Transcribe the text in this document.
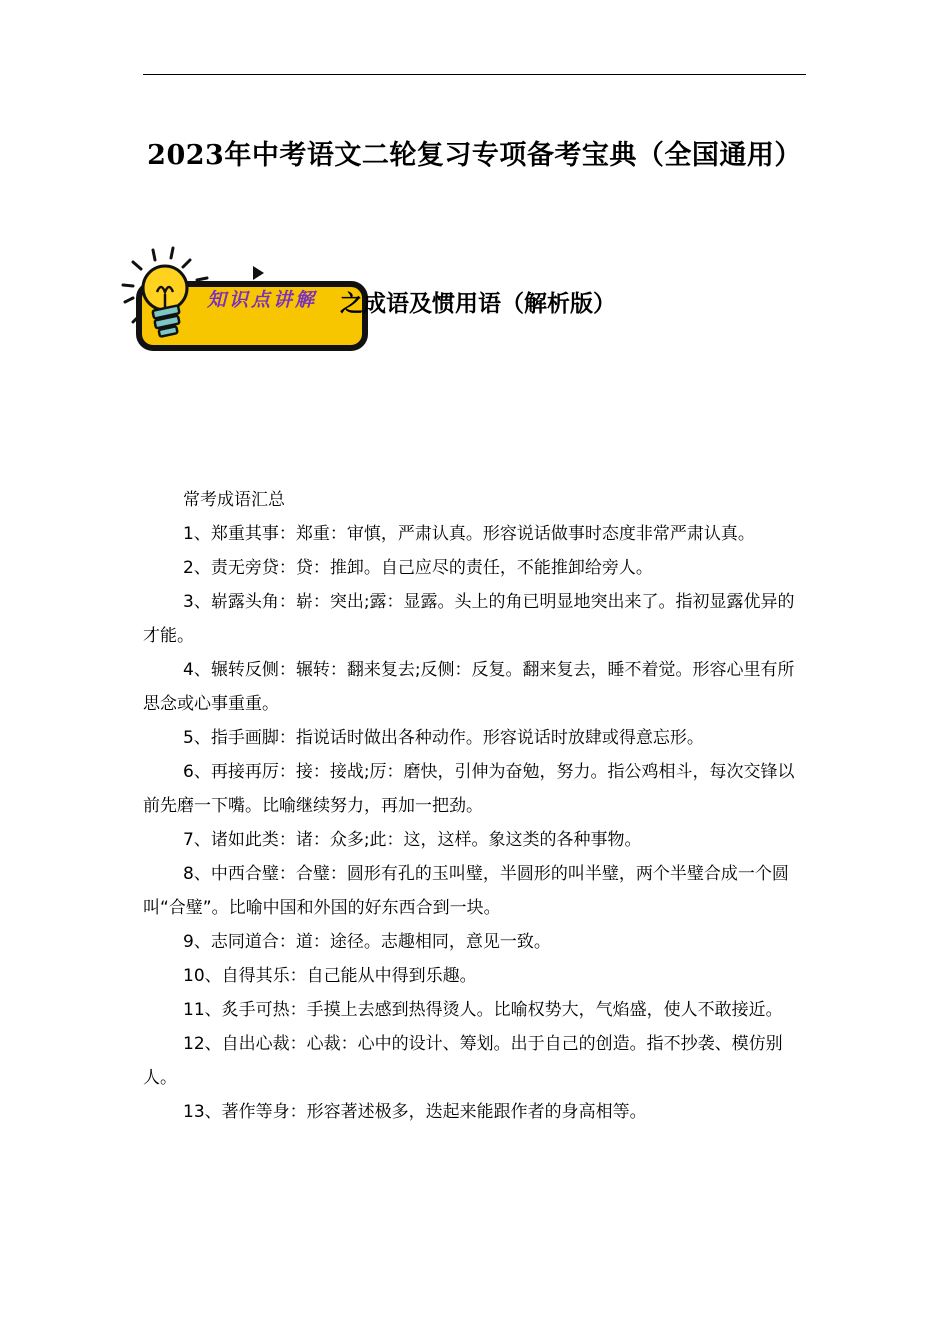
2023年中考语文二轮复习专项备考宝典（全国通用）
知识点讲解 之成语及惯用语（解析版）

常考成语汇总

1、郑重其事：郑重：审慎，严肃认真。形容说话做事时态度非常严肃认真。

2、责无旁贷：贷：推卸。自己应尽的责任，不能推卸给旁人。

3、崭露头角：崭：突出;露：显露。头上的角已明显地突出来了。指初显露优异的才能。

4、辗转反侧：辗转：翻来复去;反侧：反复。翻来复去，睡不着觉。形容心里有所思念或心事重重。

5、指手画脚：指说话时做出各种动作。形容说话时放肆或得意忘形。

6、再接再厉：接：接战;厉：磨快，引伸为奋勉，努力。指公鸡相斗，每次交锋以前先磨一下嘴。比喻继续努力，再加一把劲。

7、诸如此类：诸：众多;此：这，这样。象这类的各种事物。

8、中西合璧：合璧：圆形有孔的玉叫璧，半圆形的叫半璧，两个半璧合成一个圆叫“合璧”。比喻中国和外国的好东西合到一块。

9、志同道合：道：途径。志趣相同，意见一致。

10、自得其乐：自己能从中得到乐趣。

11、炙手可热：手摸上去感到热得烫人。比喻权势大，气焰盛，使人不敢接近。

12、自出心裁：心裁：心中的设计、筹划。出于自己的创造。指不抄袭、模仿别人。

13、著作等身：形容著述极多，迭起来能跟作者的身高相等。
